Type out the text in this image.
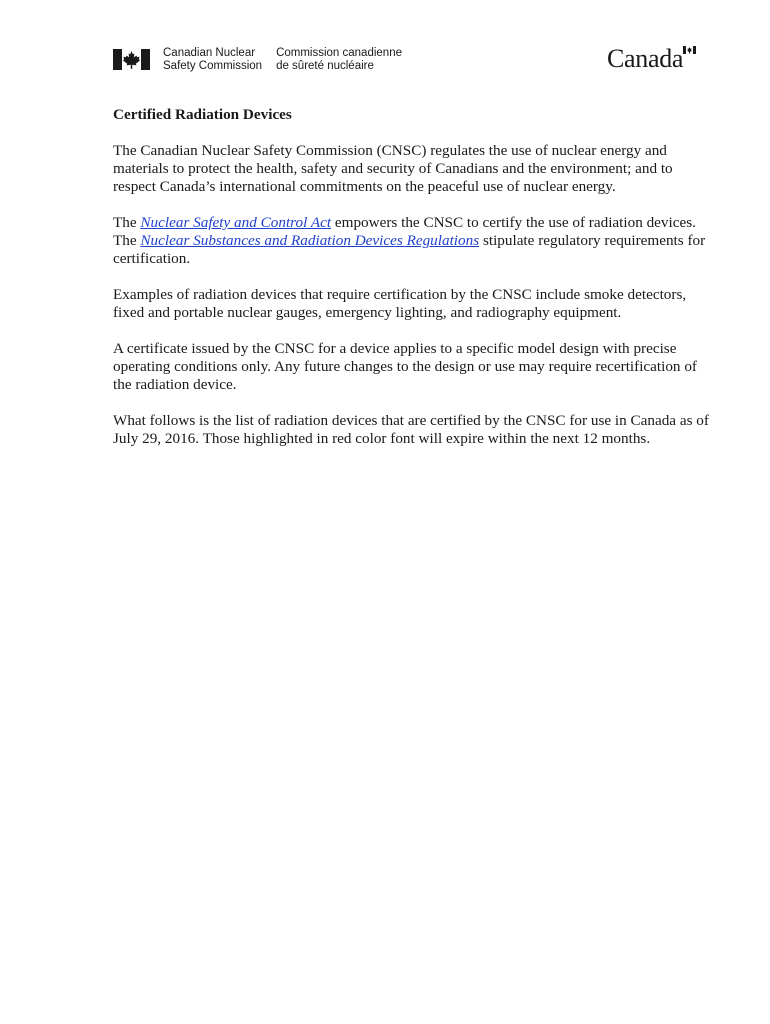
Canadian Nuclear
Safety Commission
Commission canadienne
de sûreté nucléaire	Canada
Certified Radiation Devices

The Canadian Nuclear Safety Commission (CNSC) regulates the use of nuclear energy and materials to protect the health, safety and security of Canadians and the environment; and to respect Canada’s international commitments on the peaceful use of nuclear energy.

The Nuclear Safety and Control Act empowers the CNSC to certify the use of radiation devices. The Nuclear Substances and Radiation Devices Regulations stipulate regulatory requirements for certification.

Examples of radiation devices that require certification by the CNSC include smoke detectors, fixed and portable nuclear gauges, emergency lighting, and radiography equipment.

A certificate issued by the CNSC for a device applies to a specific model design with precise operating conditions only. Any future changes to the design or use may require recertification of the radiation device.

What follows is the list of radiation devices that are certified by the CNSC for use in Canada as of July 29, 2016. Those highlighted in red color font will expire within the next 12 months.
